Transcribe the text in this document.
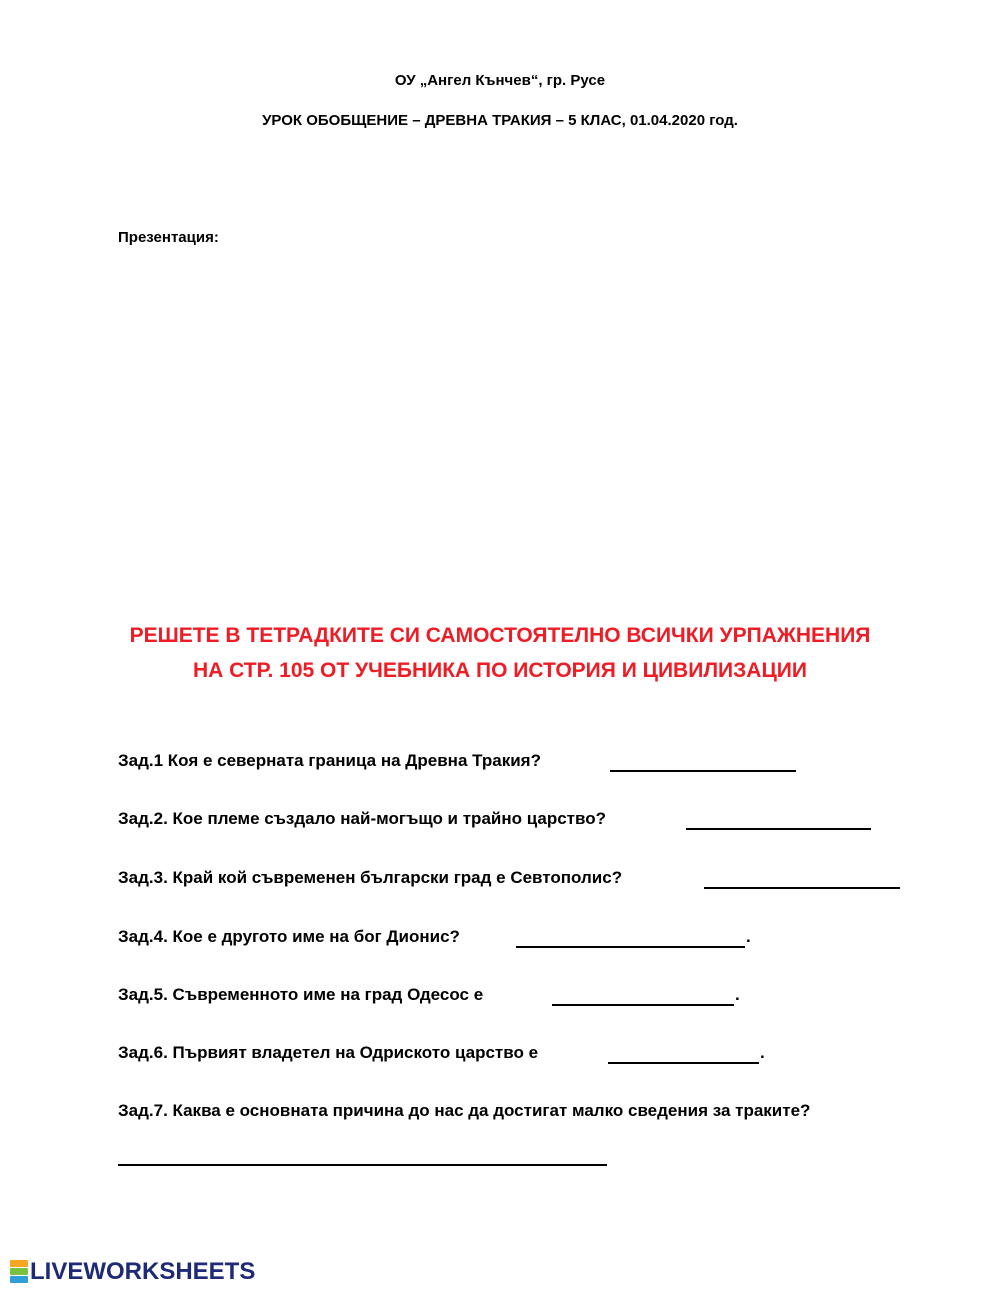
ОУ „Ангел Кънчев“, гр. Русе
УРОК ОБОБЩЕНИЕ – ДРЕВНА ТРАКИЯ – 5 КЛАС, 01.04.2020 год.
Презентация:
РЕШЕТЕ В ТЕТРАДКИТЕ СИ САМОСТОЯТЕЛНО ВСИЧКИ УРПАЖНЕНИЯ
НА СТР. 105 ОТ УЧЕБНИКА ПО ИСТОРИЯ И ЦИВИЛИЗАЦИИ
Зад.1 Коя е северната граница на Древна Тракия?
Зад.2. Кое племе създало най-могъщо и трайно царство?
Зад.3. Край кой съвременен български град е Севтополис?
Зад.4. Кое е другото име на бог Дионис?	.
Зад.5. Съвременното име на град Одесос е	.
Зад.6. Първият владетел на Одриското царство е	.
Зад.7. Каква е основната причина до нас да достигат малко сведения за траките?
LIVEWORKSHEETS
